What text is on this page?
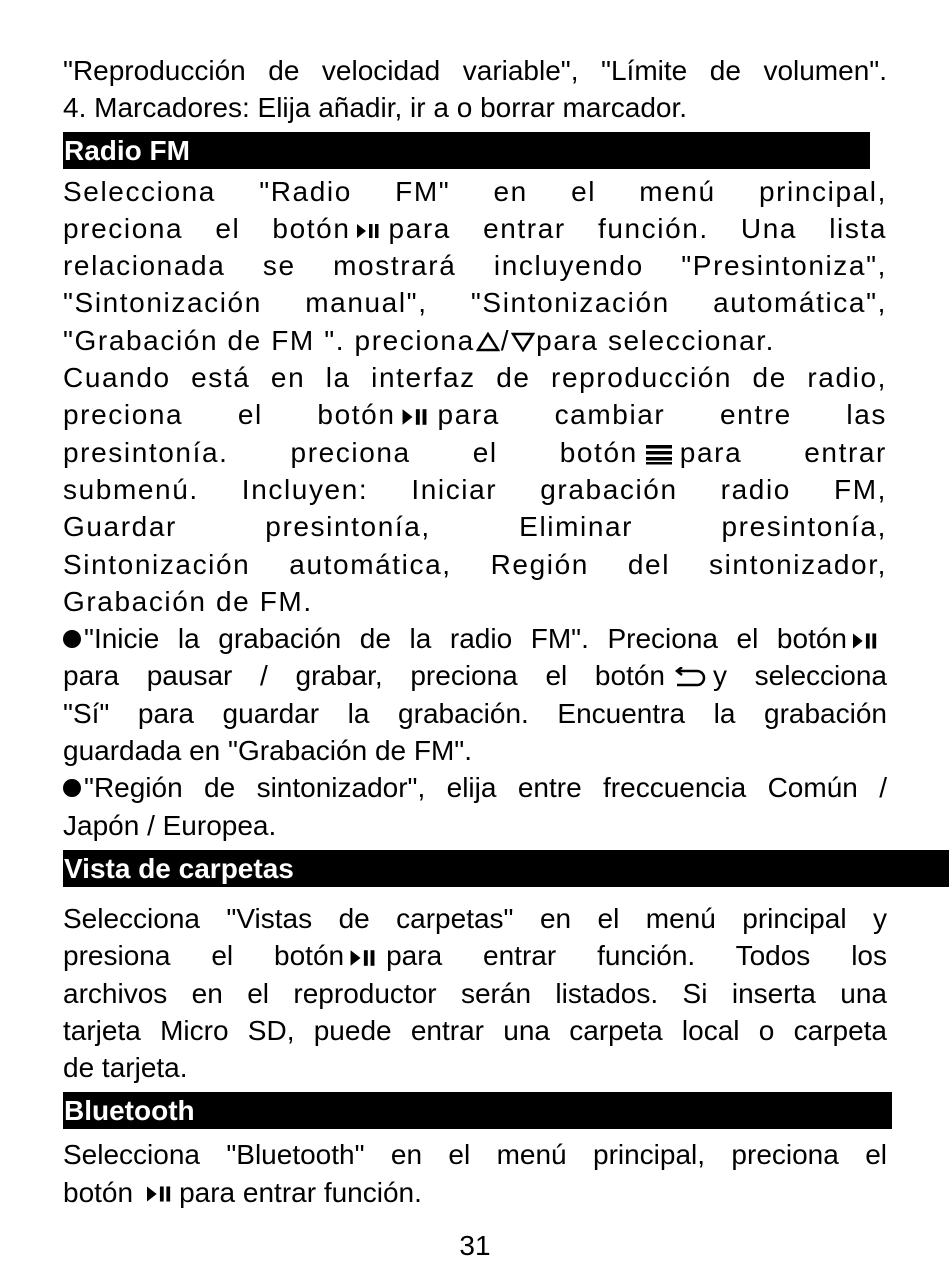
"Reproducción de velocidad variable", "Límite de volumen".
4. Marcadores: Elija añadir, ir a o borrar marcador.

Radio FM

Selecciona "Radio FM" en el menú principal,
preciona el botón para entrar función. Una lista
relacionada se mostrará incluyendo "Presintoniza",
"Sintonización manual", "Sintonización automática",
"Grabación de FM ". preciona / para seleccionar.

Cuando está en la interfaz de reproducción de radio,
preciona el botón para cambiar entre las
presintonía. preciona el botón para entrar
submenú. Incluyen: Iniciar grabación radio FM,
Guardar presintonía, Eliminar presintonía,
Sintonización automática, Región del sintonizador,
Grabación de FM.

"Inicie la grabación de la radio FM". Preciona el botón
para pausar / grabar, preciona el botón y selecciona
"Sí" para guardar la grabación. Encuentra la grabación
guardada en "Grabación de FM".

"Región de sintonizador", elija entre freccuencia Común /
Japón / Europea.

Vista de carpetas

Selecciona "Vistas de carpetas" en el menú principal y
presiona el botón para entrar función. Todos los
archivos en el reproductor serán listados. Si inserta una
tarjeta Micro SD, puede entrar una carpeta local o carpeta
de tarjeta.

Bluetooth

Selecciona "Bluetooth" en el menú principal, preciona el
botón para entrar función.

31
